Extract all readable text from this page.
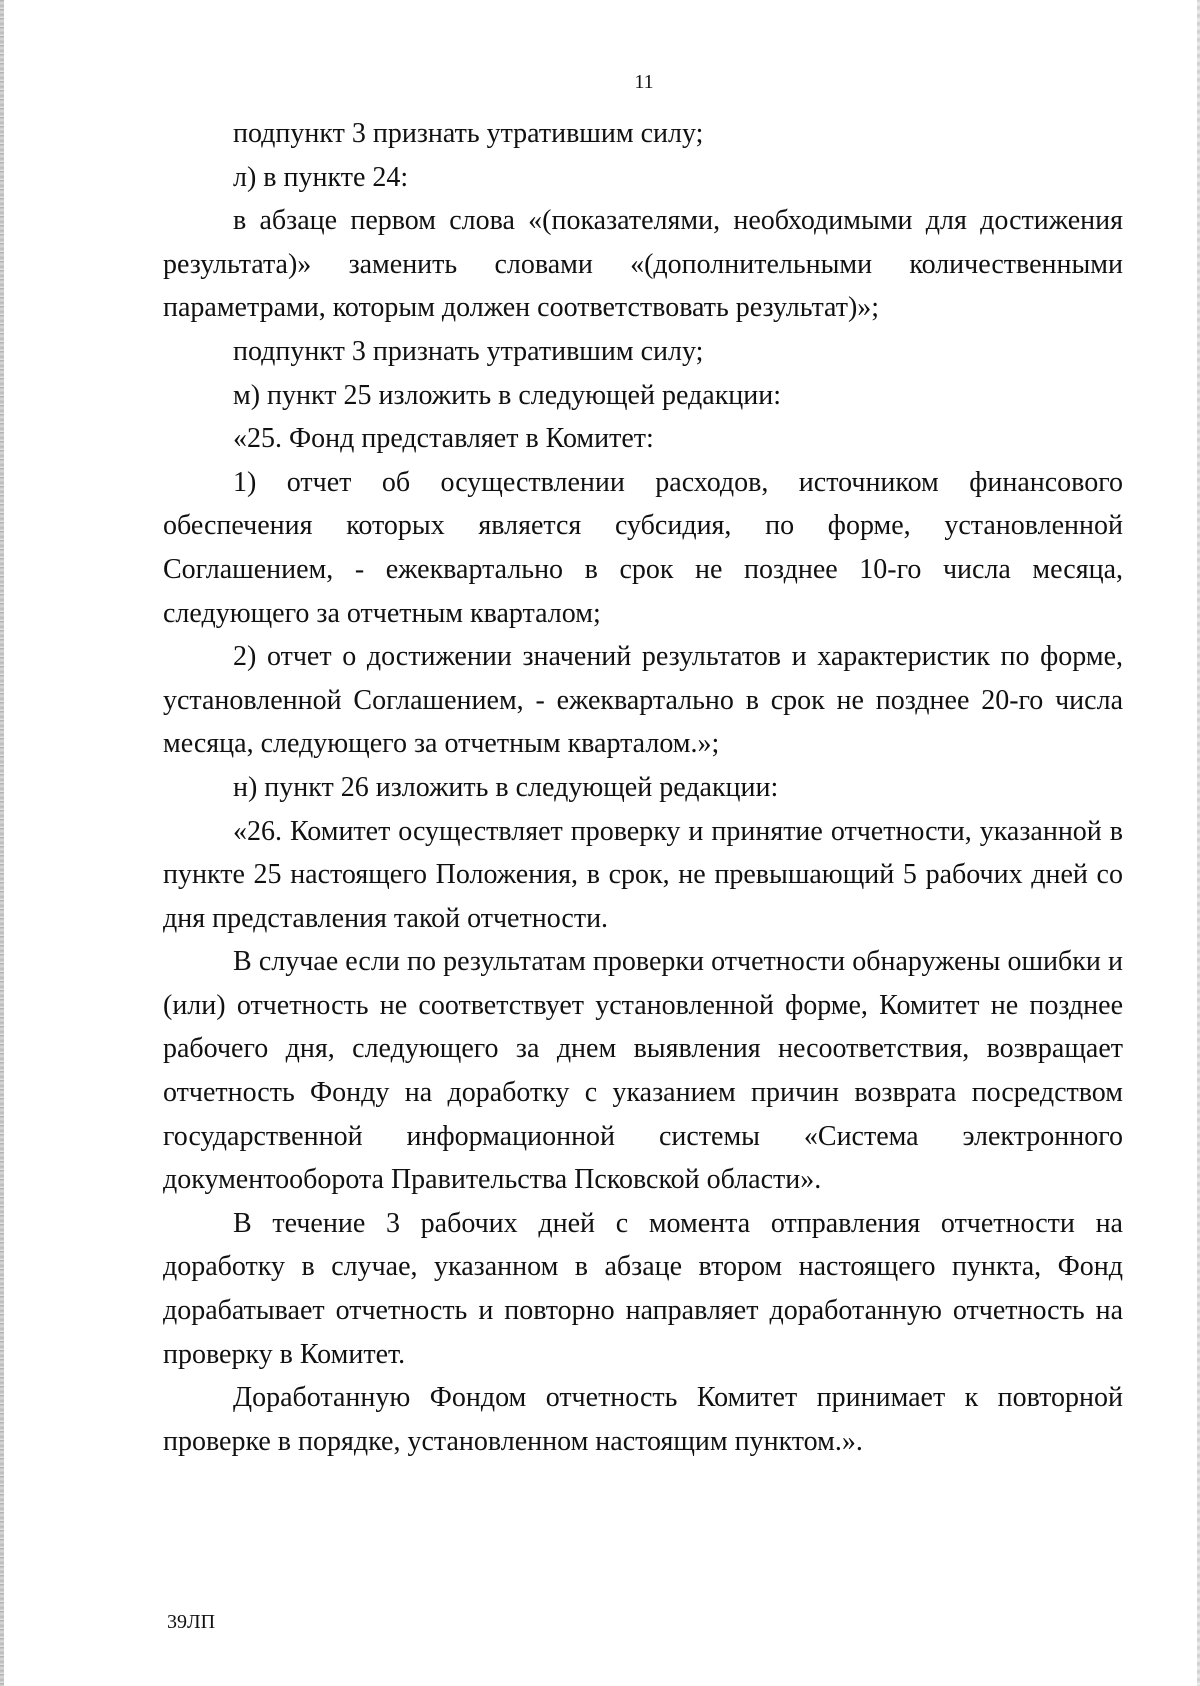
11

подпункт 3 признать утратившим силу;

л) в пункте 24:

в абзаце первом слова «(показателями, необходимыми для достижения результата)» заменить словами «(дополнительными количественными параметрами, которым должен соответствовать результат)»;

подпункт 3 признать утратившим силу;

м) пункт 25 изложить в следующей редакции:

«25. Фонд представляет в Комитет:

1) отчет об осуществлении расходов, источником финансового обеспечения которых является субсидия, по форме, установленной Соглашением, - ежеквартально в срок не позднее 10-го числа месяца, следующего за отчетным кварталом;

2) отчет о достижении значений результатов и характеристик по форме, установленной Соглашением, - ежеквартально в срок не позднее 20-го числа месяца, следующего за отчетным кварталом.»;

н) пункт 26 изложить в следующей редакции:

«26. Комитет осуществляет проверку и принятие отчетности, указанной в пункте 25 настоящего Положения, в срок, не превышающий 5 рабочих дней со дня представления такой отчетности.

В случае если по результатам проверки отчетности обнаружены ошибки и (или) отчетность не соответствует установленной форме, Комитет не позднее рабочего дня, следующего за днем выявления несоответствия, возвращает отчетность Фонду на доработку с указанием причин возврата посредством государственной информационной системы «Система электронного документооборота Правительства Псковской области».

В течение 3 рабочих дней с момента отправления отчетности на доработку в случае, указанном в абзаце втором настоящего пункта, Фонд дорабатывает отчетность и повторно направляет доработанную отчетность на проверку в Комитет.

Доработанную Фондом отчетность Комитет принимает к повторной проверке в порядке, установленном настоящим пунктом.».

39ЛП
